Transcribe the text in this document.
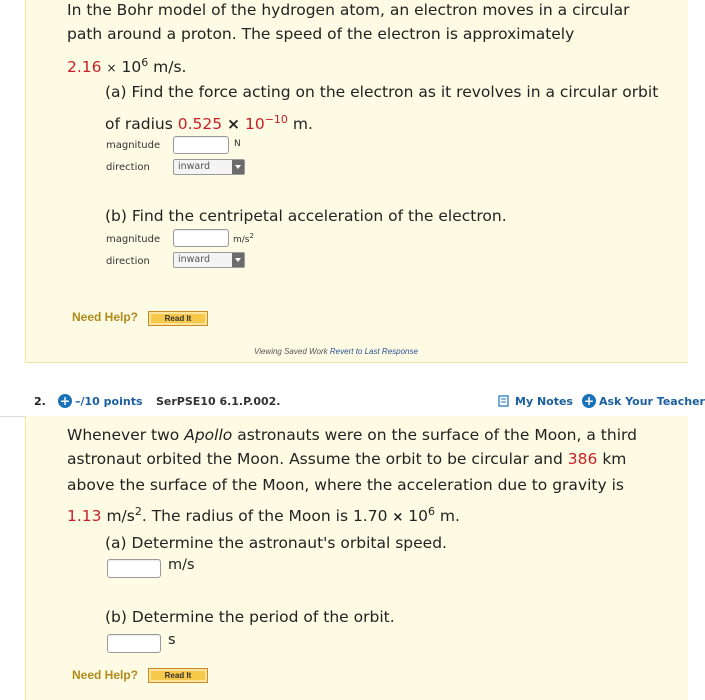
In the Bohr model of the hydrogen atom, an electron moves in a circular
path around a proton. The speed of the electron is approximately
$2.16 \times 10^6$ m/s.
(a) Find the force acting on the electron as it revolves in a circular orbit
of radius $0.525 \times 10^{-10}$ m.
magnitude	N
direction	inward
(b) Find the centripetal acceleration of the electron.
magnitude	$m/s^2$
direction	inward
Need Help?	Read It
Viewing Saved Work Revert to Last Response
2. + –/10 points SerPSE10 6.1.P.002.	My Notes + Ask Your Teacher
Whenever two Apollo astronauts were on the surface of the Moon, a third
astronaut orbited the Moon. Assume the orbit to be circular and 386 km
above the surface of the Moon, where the acceleration due to gravity is
1.13 $m/s^2$. The radius of the Moon is $1.70 \times 10^6$ m.
(a) Determine the astronaut's orbital speed.
m/s
(b) Determine the period of the orbit.
s
Need Help?	Read It
